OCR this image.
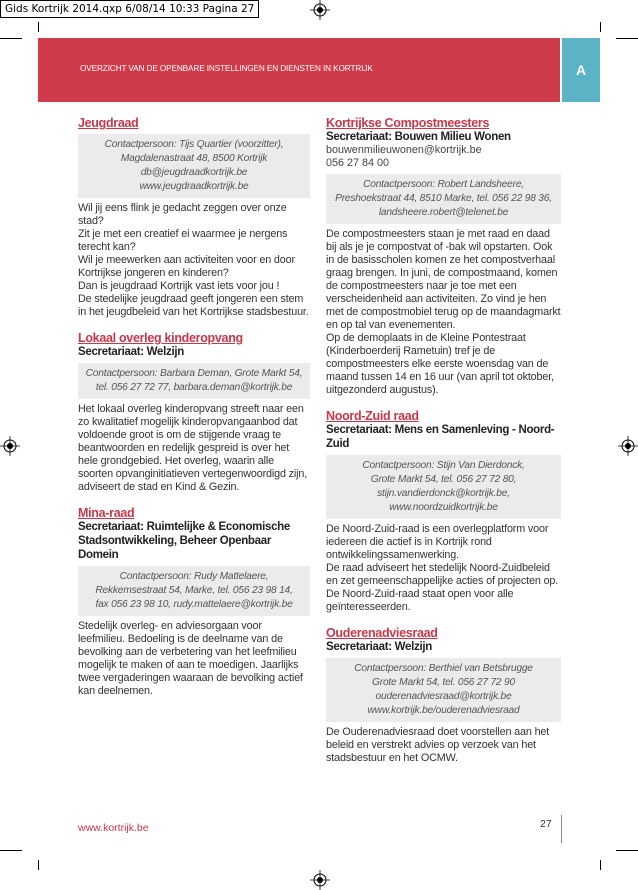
Gids Kortrijk 2014.qxp 6/08/14 10:33 Pagina 27
OVERZICHT VAN DE OPENBARE INSTELLINGEN EN DIENSTEN IN KORTRIJK	A
Jeugdraad
Contactpersoon: Tijs Quartier (voorzitter),
Magdalenastraat 48, 8500 Kortrijk
db@jeugdraadkortrijk.be
www.jeugdraadkortrijk.be
Wil jij eens flink je gedacht zeggen over onze stad?
Zit je met een creatief ei waarmee je nergens terecht kan?
Wil je meewerken aan activiteiten voor en door Kortrijkse jongeren en kinderen?
Dan is jeugdraad Kortrijk vast iets voor jou !
De stedelijke jeugdraad geeft jongeren een stem in het jeugdbeleid van het Kortrijkse stadsbestuur.
Lokaal overleg kinderopvang
Secretariaat: Welzijn
Contactpersoon: Barbara Deman, Grote Markt 54,
tel. 056 27 72 77, barbara.deman@kortrijk.be
Het lokaal overleg kinderopvang streeft naar een zo kwalitatief mogelijk kinderopvangaanbod dat voldoende groot is om de stijgende vraag te beantwoorden en redelijk gespreid is over het hele grondgebied. Het overleg, waarin alle soorten opvanginitiatieven vertegenwoordigd zijn, adviseert de stad en Kind & Gezin.
Mina-raad
Secretariaat: Ruimtelijke & Economische Stadsontwikkeling, Beheer Openbaar Domein
Contactpersoon: Rudy Mattelaere,
Rekkemsestraat 54, Marke, tel. 056 23 98 14,
fax 056 23 98 10, rudy.mattelaere@kortrijk.be
Stedelijk overleg- en adviesorgaan voor leefmilieu. Bedoeling is de deelname van de bevolking aan de verbetering van het leefmilieu mogelijk te maken of aan te moedigen. Jaarlijks twee vergaderingen waaraan de bevolking actief kan deelnemen.
Kortrijkse Compostmeesters
Secretariaat: Bouwen Milieu Wonen
bouwenmilieuwonen@kortrijk.be
056 27 84 00
Contactpersoon: Robert Landsheere,
Preshoekstraat 44, 8510 Marke, tel. 056 22 98 36,
landsheere.robert@telenet.be
De compostmeesters staan je met raad en daad bij als je je compostvat of -bak wil opstarten. Ook in de basisscholen komen ze het compostverhaal graag brengen. In juni, de compostmaand, komen de compostmeesters naar je toe met een verscheidenheid aan activiteiten. Zo vind je hen met de compostmobiel terug op de maandagmarkt en op tal van evenementen.
Op de demoplaats in de Kleine Pontestraat (Kinderboerderij Rametuin) tref je de compostmeesters elke eerste woensdag van de maand tussen 14 en 16 uur (van april tot oktober, uitgezonderd augustus).
Noord-Zuid raad
Secretariaat: Mens en Samenleving - Noord-Zuid
Contactpersoon: Stijn Van Dierdonck,
Grote Markt 54, tel. 056 27 72 80,
stijn.vandierdonck@kortrijk.be,
www.noordzuidkortrijk.be
De Noord-Zuid-raad is een overlegplatform voor iedereen die actief is in Kortrijk rond ontwikkelingssamenwerking.
De raad adviseert het stedelijk Noord-Zuidbeleid en zet gemeenschappelijke acties of projecten op.
De Noord-Zuid-raad staat open voor alle geïnteresseerden.
Ouderenadviesraad
Secretariaat: Welzijn
Contactpersoon: Berthiel van Betsbrugge
Grote Markt 54, tel. 056 27 72 90
ouderenadviesraad@kortrijk.be
www.kortrijk.be/ouderenadviesraad
De Ouderenadviesraad doet voorstellen aan het beleid en verstrekt advies op verzoek van het stadsbestuur en het OCMW.
www.kortrijk.be	27
